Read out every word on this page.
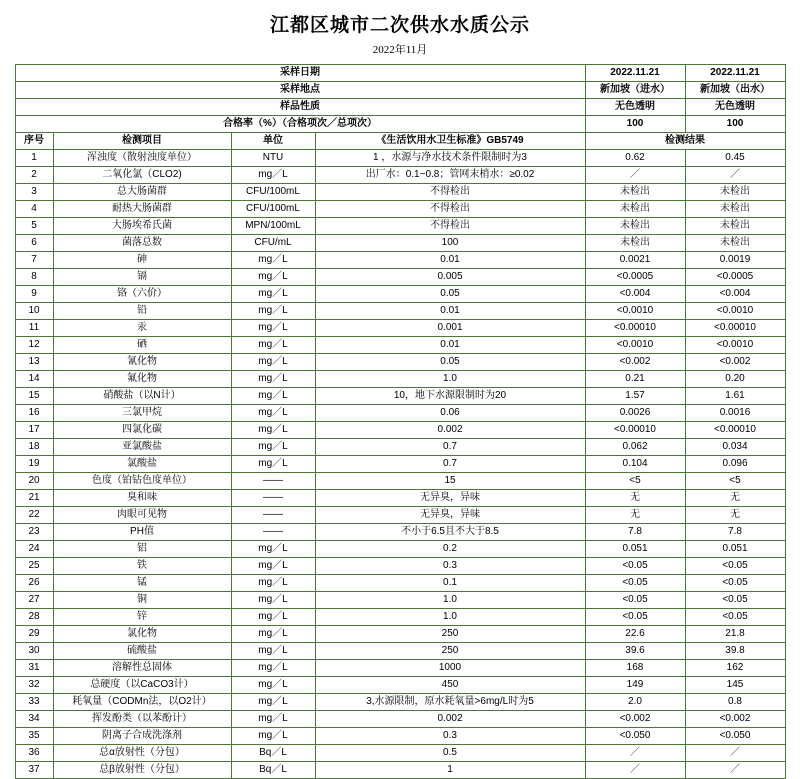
江都区城市二次供水水质公示
2022年11月
采样日期				2022.11.21	2022.11.21
采样地点				新加坡（进水）	新加坡（出水）
样品性质				无色透明	无色透明
合格率（%）（合格项次／总项次）				100	100
序号	检测项目	单位	《生活饮用水卫生标准》GB5749	检测结果	
1	浑浊度（散射浊度单位）	NTU	1 ，水源与净水技术条件限制时为3	0.62	0.45
2	二氧化氯（CLO2)	mg／L	出厂水：0.1~0.8；管网末梢水：≥0.02	／	／
3	总大肠菌群	CFU/100mL	不得检出	未检出	未检出
4	耐热大肠菌群	CFU/100mL	不得检出	未检出	未检出
5	大肠埃希氏菌	MPN/100mL	不得检出	未检出	未检出
6	菌落总数	CFU/mL	100	未检出	未检出
7	砷	mg／L	0.01	0.0021	0.0019
8	镉	mg／L	0.005	<0.0005	<0.0005
9	铬（六价）	mg／L	0.05	<0.004	<0.004
10	铅	mg／L	0.01	<0.0010	<0.0010
11	汞	mg／L	0.001	<0.00010	<0.00010
12	硒	mg／L	0.01	<0.0010	<0.0010
13	氰化物	mg／L	0.05	<0.002	<0.002
14	氟化物	mg／L	1.0	0.21	0.20
15	硝酸盐（以N计）	mg／L	10，地下水源限制时为20	1.57	1.61
16	三氯甲烷	mg／L	0.06	0.0026	0.0016
17	四氯化碳	mg／L	0.002	<0.00010	<0.00010
18	亚氯酸盐	mg／L	0.7	0.062	0.034
19	氯酸盐	mg／L	0.7	0.104	0.096
20	色度（铂钴色度单位）	——	15	<5	<5
21	臭和味	——	无异臭，异味	无	无
22	肉眼可见物	——	无异臭，异味	无	无
23	PH值	——	不小于6.5且不大于8.5	7.8	7.8
24	铝	mg／L	0.2	0.051	0.051
25	铁	mg／L	0.3	<0.05	<0.05
26	锰	mg／L	0.1	<0.05	<0.05
27	铜	mg／L	1.0	<0.05	<0.05
28	锌	mg／L	1.0	<0.05	<0.05
29	氯化物	mg／L	250	22.6	21.8
30	硫酸盐	mg／L	250	39.6	39.8
31	溶解性总固体	mg／L	1000	168	162
32	总硬度（以CaCO3计）	mg／L	450	149	145
33	耗氧量（CODMn法，以O2计）	mg／L	3,水源限制，原水耗氧量>6mg/L时为5	2.0	0.8
34	挥发酚类（以苯酚计）	mg／L	0.002	<0.002	<0.002
35	阴离子合成洗涤剂	mg／L	0.3	<0.050	<0.050
36	总α放射性（分包）	Bq／L	0.5	／	／
37	总β放射性（分包）	Bq／L	1	／	／
